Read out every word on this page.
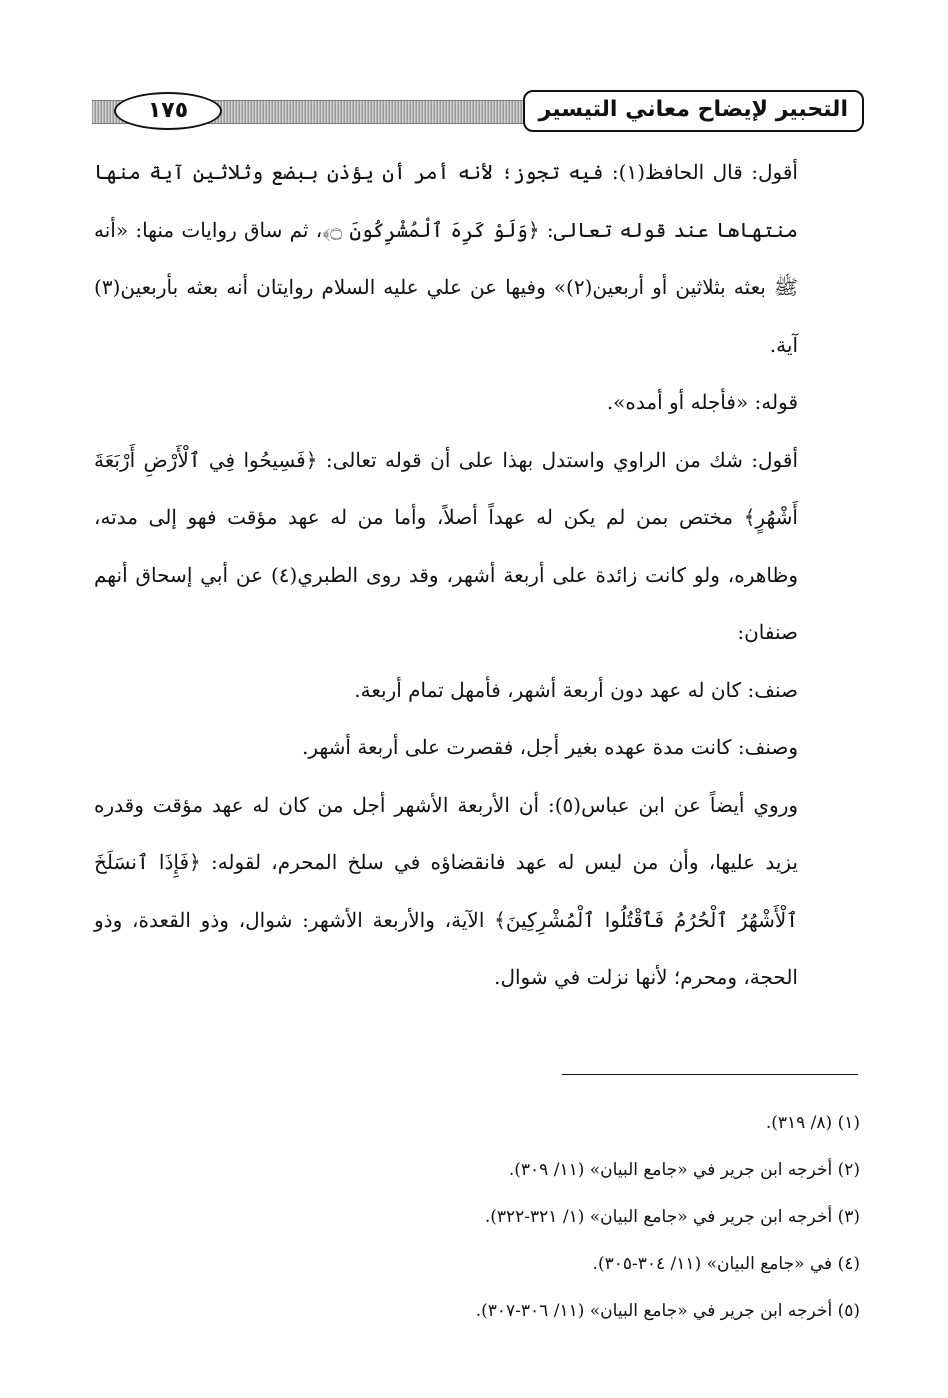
التحبير لإيضاح معاني التيسير
١٧٥

أقول: قال الحافظ(١): فيه تجوز؛ لأنه أمر أن يؤذن ببضع وثلاثين آية منها منتهاها عند قوله تعالى: ﴿وَلَوْ كَرِهَ ٱلْمُشْرِكُونَ ۝﴾، ثم ساق روايات منها: «أنه ﷺ بعثه بثلاثين أو أربعين(٢)» وفيها عن علي عليه السلام روايتان أنه بعثه بأربعين(٣) آية.

قوله: «فأجله أو أمده».

أقول: شك من الراوي واستدل بهذا على أن قوله تعالى: ﴿فَسِيحُوا فِي ٱلْأَرْضِ أَرْبَعَةَ أَشْهُرٍ﴾ مختص بمن لم يكن له عهداً أصلاً، وأما من له عهد مؤقت فهو إلى مدته، وظاهره، ولو كانت زائدة على أربعة أشهر، وقد روى الطبري(٤) عن أبي إسحاق أنهم صنفان:

صنف: كان له عهد دون أربعة أشهر، فأمهل تمام أربعة.

وصنف: كانت مدة عهده بغير أجل، فقصرت على أربعة أشهر.

وروي أيضاً عن ابن عباس(٥): أن الأربعة الأشهر أجل من كان له عهد مؤقت وقدره يزيد عليها، وأن من ليس له عهد فانقضاؤه في سلخ المحرم، لقوله: ﴿فَإِذَا ٱنسَلَخَ ٱلْأَشْهُرُ ٱلْحُرُمُ فَٱقْتُلُوا ٱلْمُشْرِكِينَ﴾ الآية، والأربعة الأشهر: شوال، وذو القعدة، وذو الحجة، ومحرم؛ لأنها نزلت في شوال.

(١) (٨/ ٣١٩).

(٢) أخرجه ابن جرير في «جامع البيان» (١١/ ٣٠٩).

(٣) أخرجه ابن جرير في «جامع البيان» (١/ ٣٢١-٣٢٢).

(٤) في «جامع البيان» (١١/ ٣٠٤-٣٠٥).

(٥) أخرجه ابن جرير في «جامع البيان» (١١/ ٣٠٦-٣٠٧).
